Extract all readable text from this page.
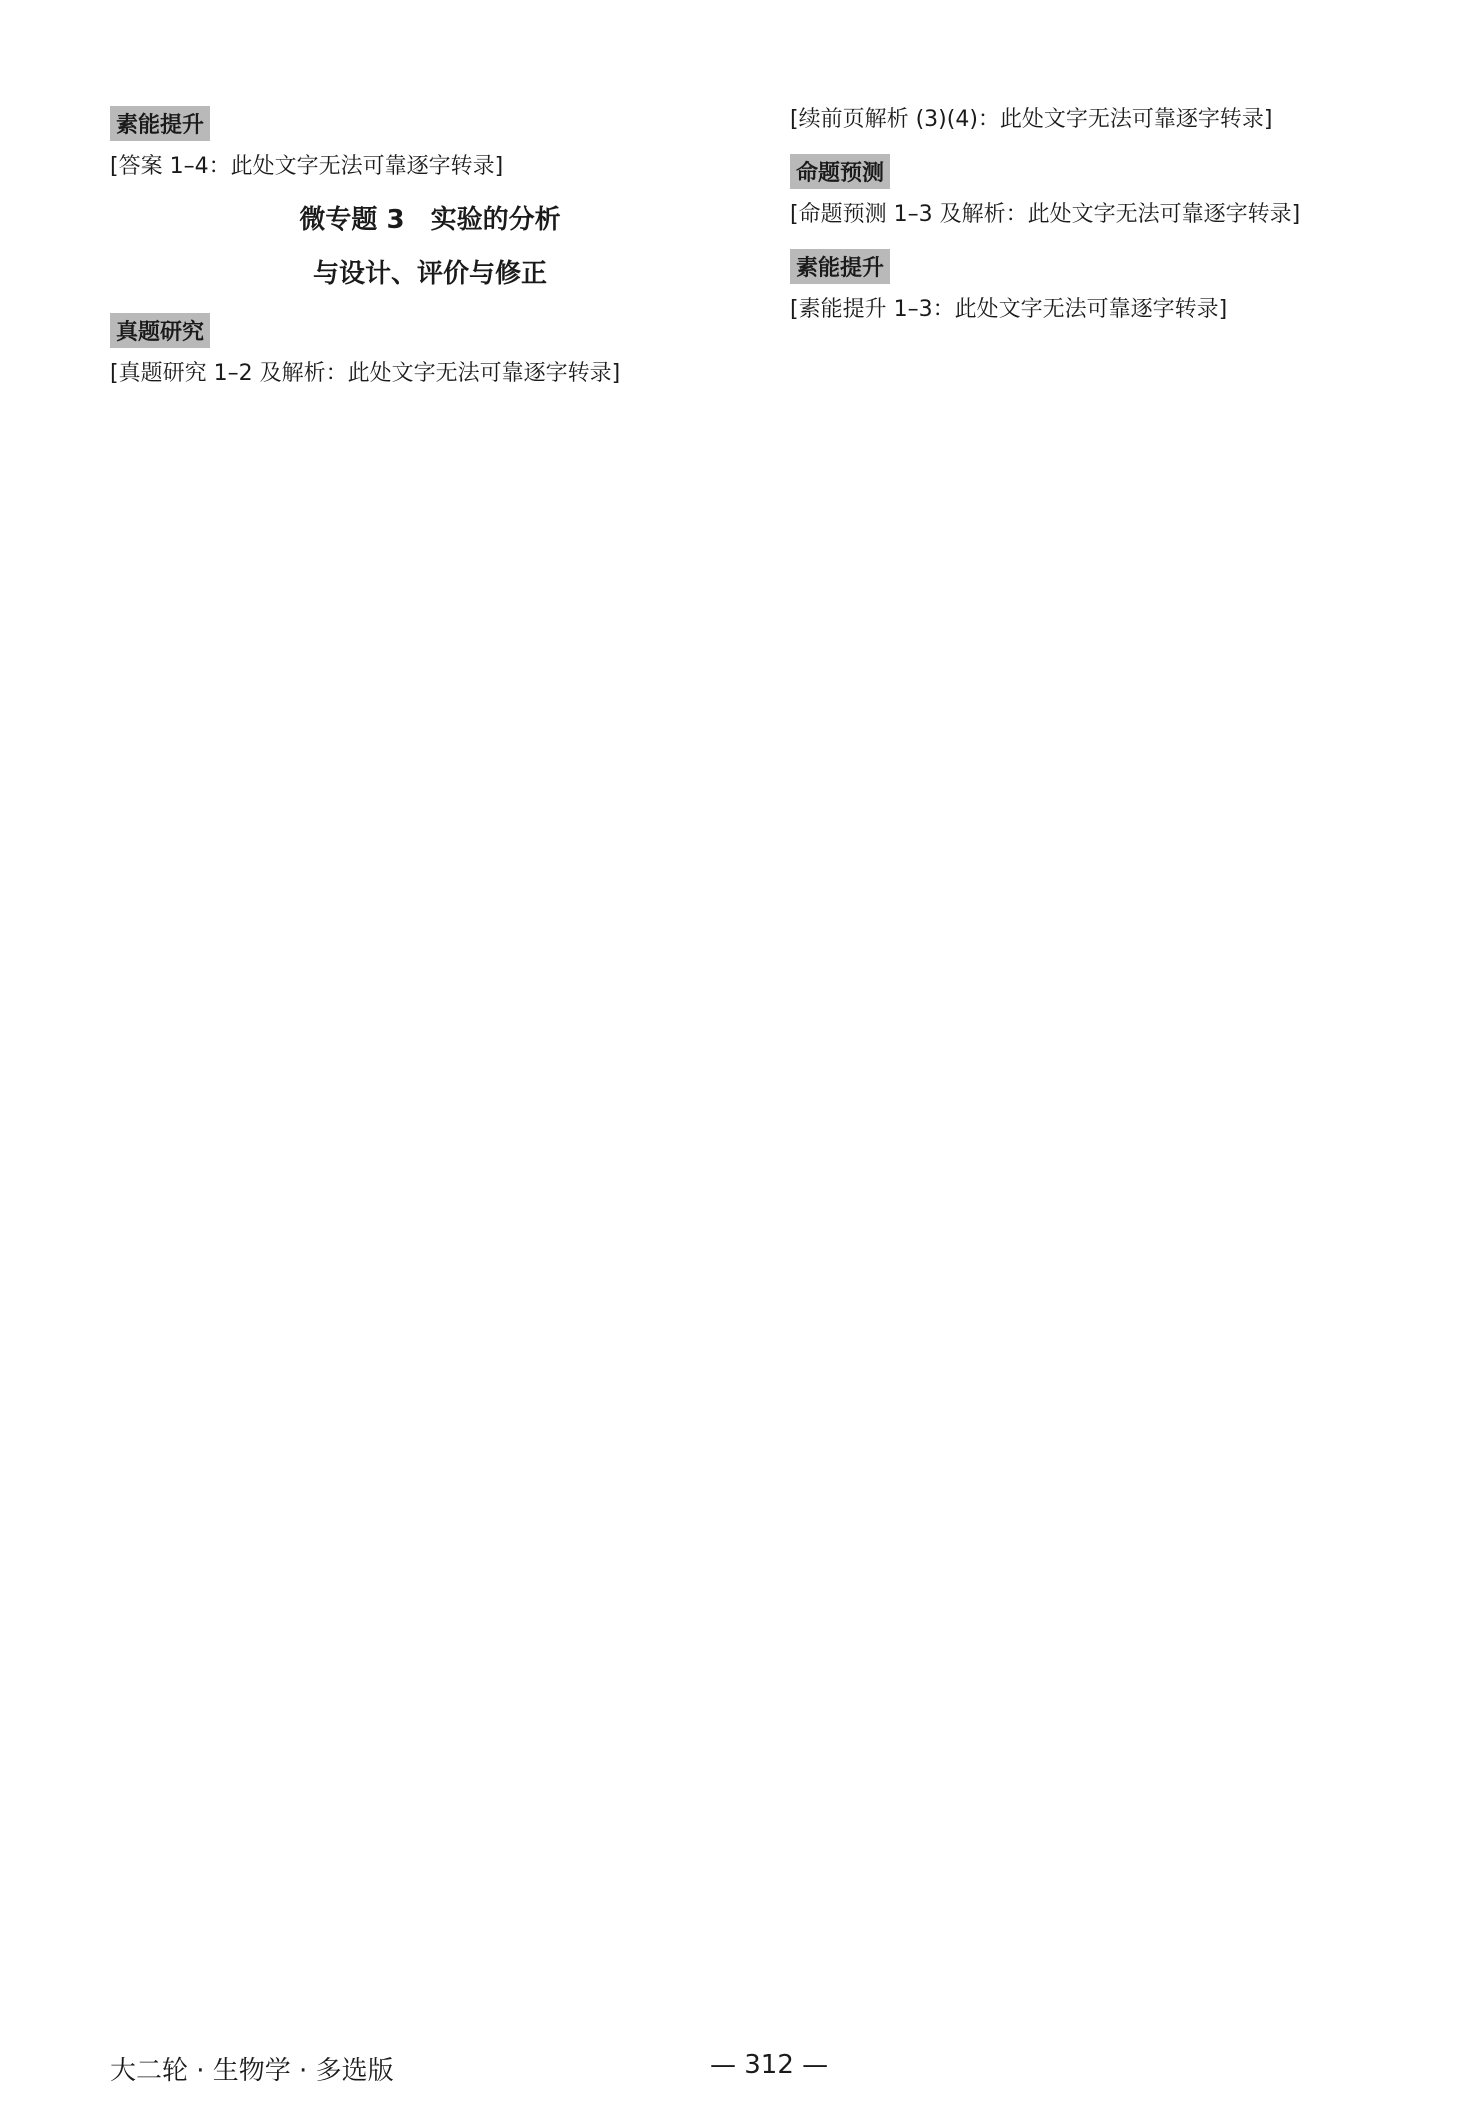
素能提升

[答案 1–4：此处文字无法可靠逐字转录]

微专题 3　实验的分析
与设计、评价与修正
真题研究

[真题研究 1–2 及解析：此处文字无法可靠逐字转录]

[续前页解析 (3)(4)：此处文字无法可靠逐字转录]

命题预测

[命题预测 1–3 及解析：此处文字无法可靠逐字转录]

素能提升

[素能提升 1–3：此处文字无法可靠逐字转录]

大二轮 · 生物学 · 多选版	— 312 —
